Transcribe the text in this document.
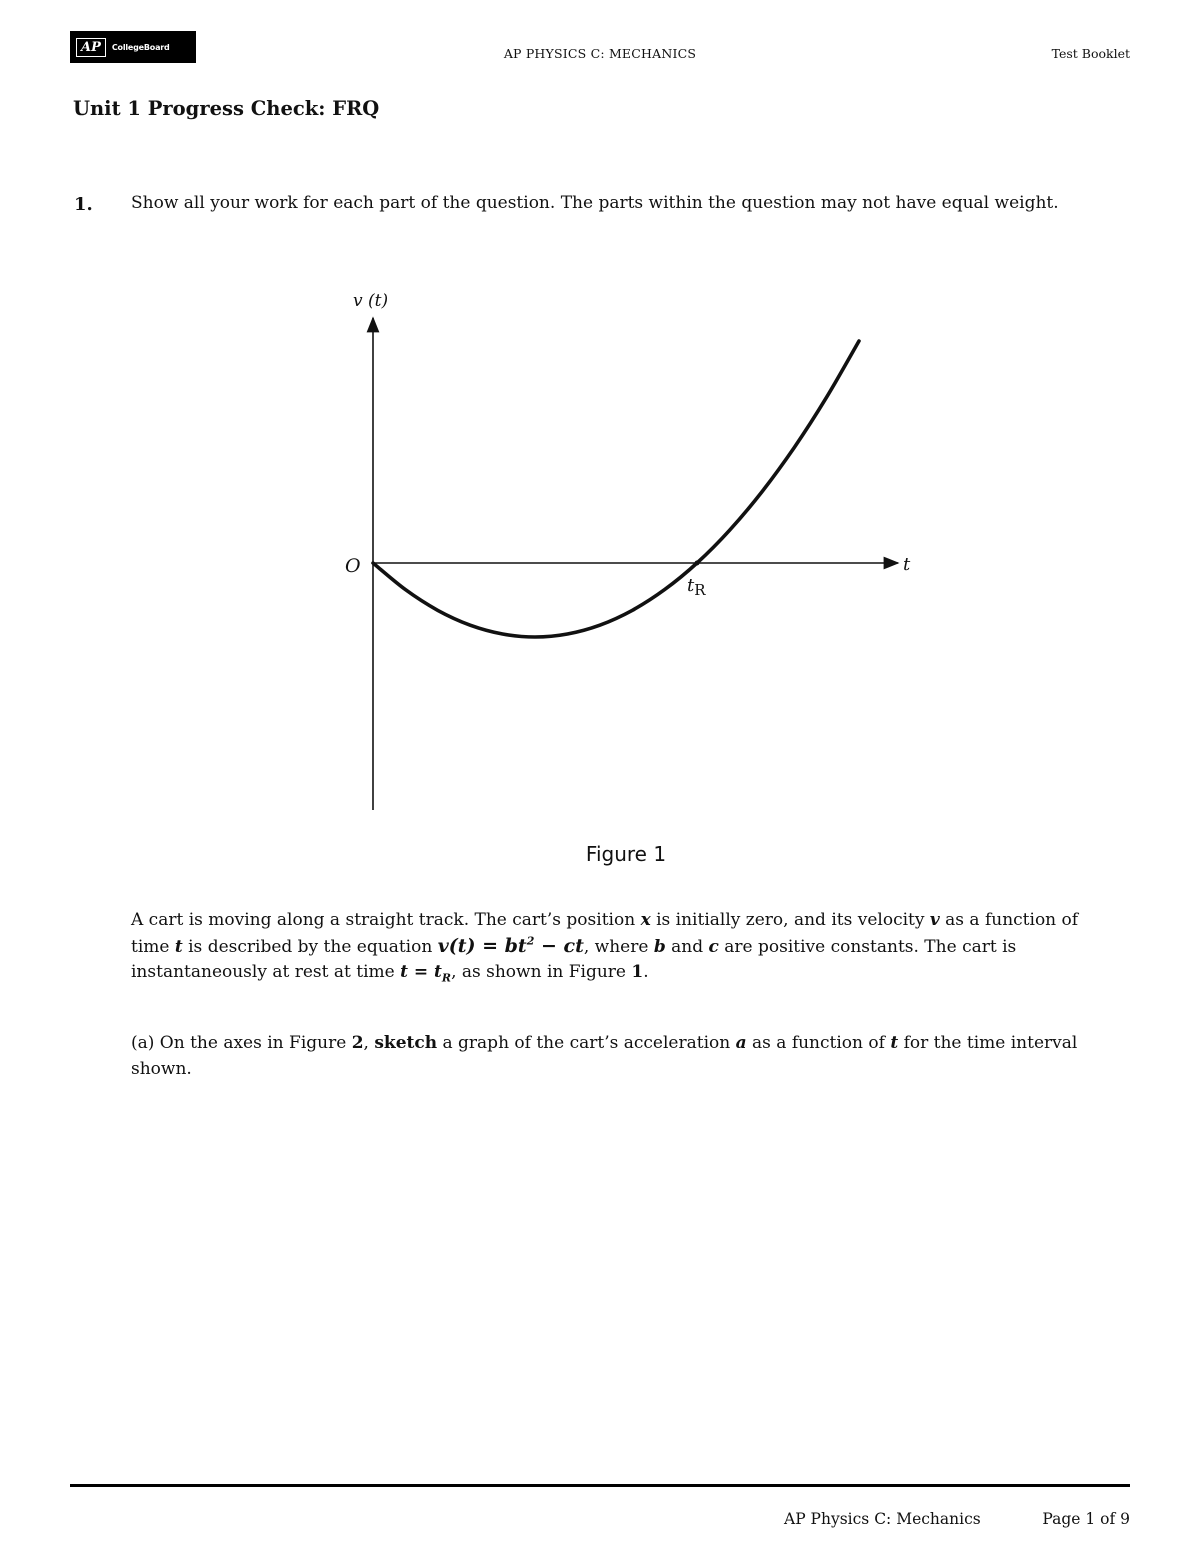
AP	CollegeBoard	AP PHYSICS C: MECHANICS	Test Booklet
Unit 1 Progress Check: FRQ
1. Show all your work for each part of the question. The parts within the question may not have equal weight.
v (t)
t
O
$t_R$
Figure 1
A cart is moving along a straight track. The cart’s position x is initially zero, and its velocity v as a function of time t is described by the equation $v(t) = bt^2$ − ct, where b and c are positive constants. The cart is instantaneously at rest at time $t = t_R$, as shown in Figure 1.
(a) On the axes in Figure 2, sketch a graph of the cart’s acceleration a as a function of t for the time interval shown.
AP Physics C: Mechanics	Page 1 of 9
